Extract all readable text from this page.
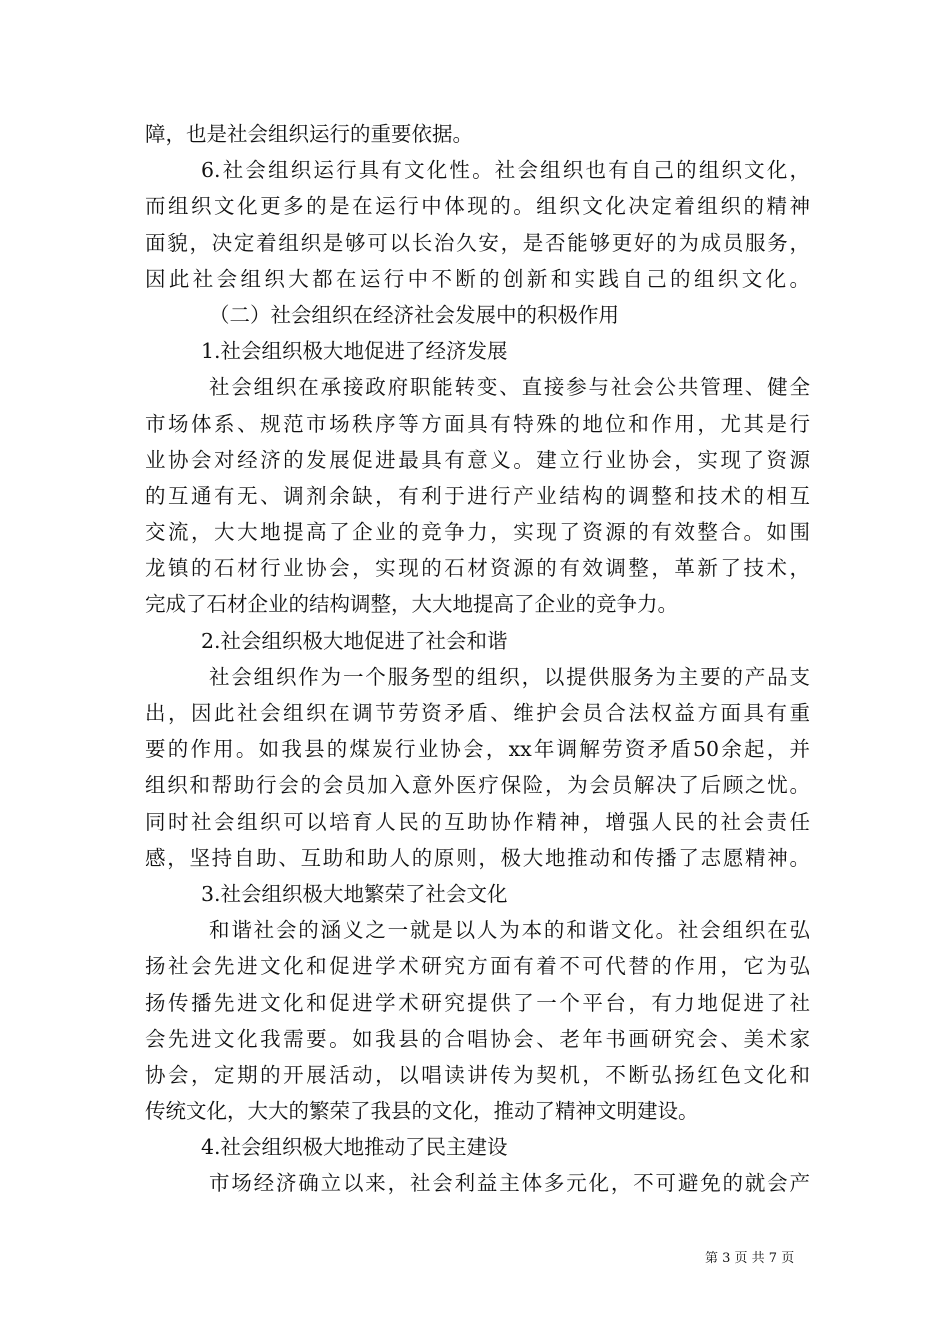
障，也是社会组织运行的重要依据。
6.社会组织运行具有文化性。社会组织也有自己的组织文化，
而组织文化更多的是在运行中体现的。组织文化决定着组织的精神
面貌，决定着组织是够可以长治久安，是否能够更好的为成员服务，
因此社会组织大都在运行中不断的创新和实践自己的组织文化。
（二）社会组织在经济社会发展中的积极作用
1.社会组织极大地促进了经济发展
社会组织在承接政府职能转变、直接参与社会公共管理、健全
市场体系、规范市场秩序等方面具有特殊的地位和作用，尤其是行
业协会对经济的发展促进最具有意义。建立行业协会，实现了资源
的互通有无、调剂余缺，有利于进行产业结构的调整和技术的相互
交流，大大地提高了企业的竞争力，实现了资源的有效整合。如围
龙镇的石材行业协会，实现的石材资源的有效调整，革新了技术，
完成了石材企业的结构调整，大大地提高了企业的竞争力。
2.社会组织极大地促进了社会和谐
社会组织作为一个服务型的组织，以提供服务为主要的产品支
出，因此社会组织在调节劳资矛盾、维护会员合法权益方面具有重
要的作用。如我县的煤炭行业协会，xx年调解劳资矛盾50余起，并
组织和帮助行会的会员加入意外医疗保险，为会员解决了后顾之忧。
同时社会组织可以培育人民的互助协作精神，增强人民的社会责任
感，坚持自助、互助和助人的原则，极大地推动和传播了志愿精神。
3.社会组织极大地繁荣了社会文化
和谐社会的涵义之一就是以人为本的和谐文化。社会组织在弘
扬社会先进文化和促进学术研究方面有着不可代替的作用，它为弘
扬传播先进文化和促进学术研究提供了一个平台，有力地促进了社
会先进文化我需要。如我县的合唱协会、老年书画研究会、美术家
协会，定期的开展活动，以唱读讲传为契机，不断弘扬红色文化和
传统文化，大大的繁荣了我县的文化，推动了精神文明建设。
4.社会组织极大地推动了民主建设
市场经济确立以来，社会利益主体多元化，不可避免的就会产
第 3 页 共 7 页
